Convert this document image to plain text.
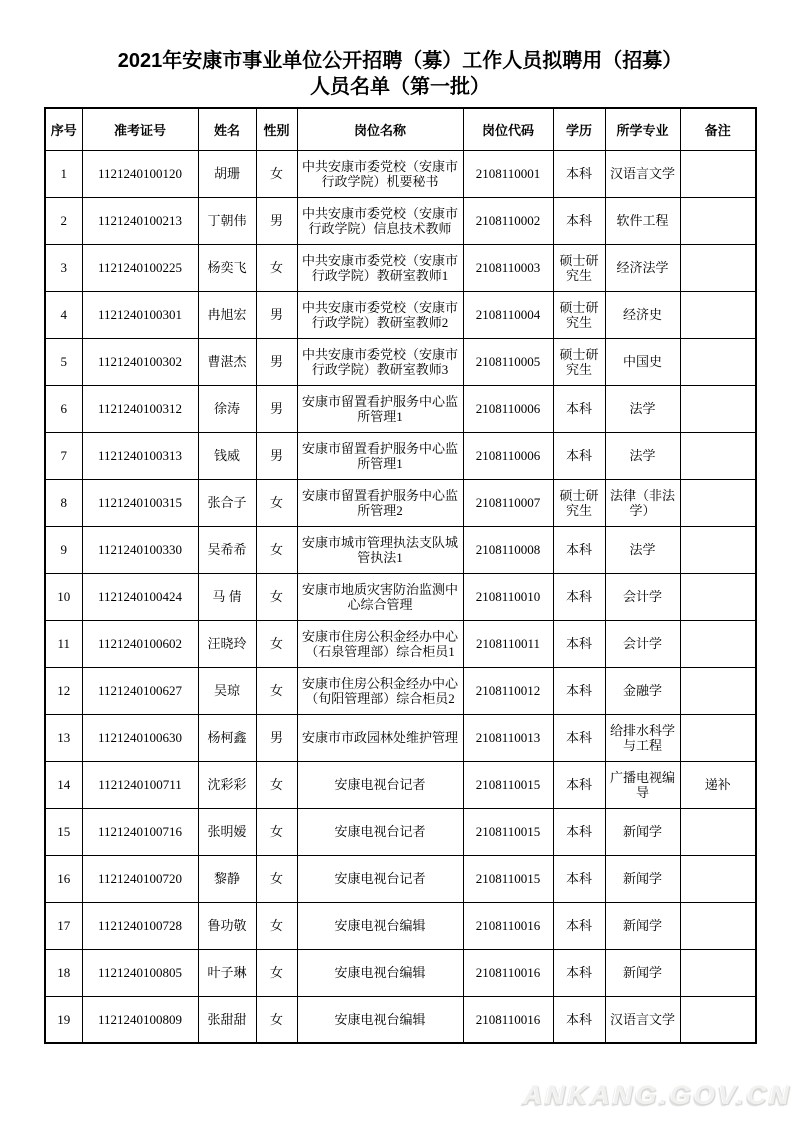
2021年安康市事业单位公开招聘（募）工作人员拟聘用（招募）
人员名单（第一批）
序号	准考证号	姓名	性别	岗位名称	岗位代码	学历	所学专业	备注
1	1121240100120	胡珊	女	中共安康市委党校（安康市行政学院）机要秘书	2108110001	本科	汉语言文学	
2	1121240100213	丁朝伟	男	中共安康市委党校（安康市行政学院）信息技术教师	2108110002	本科	软件工程	
3	1121240100225	杨奕飞	女	中共安康市委党校（安康市行政学院）教研室教师1	2108110003	硕士研究生	经济法学	
4	1121240100301	冉旭宏	男	中共安康市委党校（安康市行政学院）教研室教师2	2108110004	硕士研究生	经济史	
5	1121240100302	曹湛杰	男	中共安康市委党校（安康市行政学院）教研室教师3	2108110005	硕士研究生	中国史	
6	1121240100312	徐涛	男	安康市留置看护服务中心监所管理1	2108110006	本科	法学	
7	1121240100313	钱威	男	安康市留置看护服务中心监所管理1	2108110006	本科	法学	
8	1121240100315	张合子	女	安康市留置看护服务中心监所管理2	2108110007	硕士研究生	法律（非法学）	
9	1121240100330	吴希希	女	安康市城市管理执法支队城管执法1	2108110008	本科	法学	
10	1121240100424	马 倩	女	安康市地质灾害防治监测中心综合管理	2108110010	本科	会计学	
11	1121240100602	汪晓玲	女	安康市住房公积金经办中心 （石泉管理部）综合柜员1	2108110011	本科	会计学	
12	1121240100627	吴琼	女	安康市住房公积金经办中心（旬阳管理部）综合柜员2	2108110012	本科	金融学	
13	1121240100630	杨柯鑫	男	安康市市政园林处维护管理	2108110013	本科	给排水科学与工程	
14	1121240100711	沈彩彩	女	安康电视台记者	2108110015	本科	广播电视编导	递补
15	1121240100716	张明嫒	女	安康电视台记者	2108110015	本科	新闻学	
16	1121240100720	黎静	女	安康电视台记者	2108110015	本科	新闻学	
17	1121240100728	鲁功敬	女	安康电视台编辑	2108110016	本科	新闻学	
18	1121240100805	叶子琳	女	安康电视台编辑	2108110016	本科	新闻学	
19	1121240100809	张甜甜	女	安康电视台编辑	2108110016	本科	汉语言文学	
ANKANG.GOV.CN
